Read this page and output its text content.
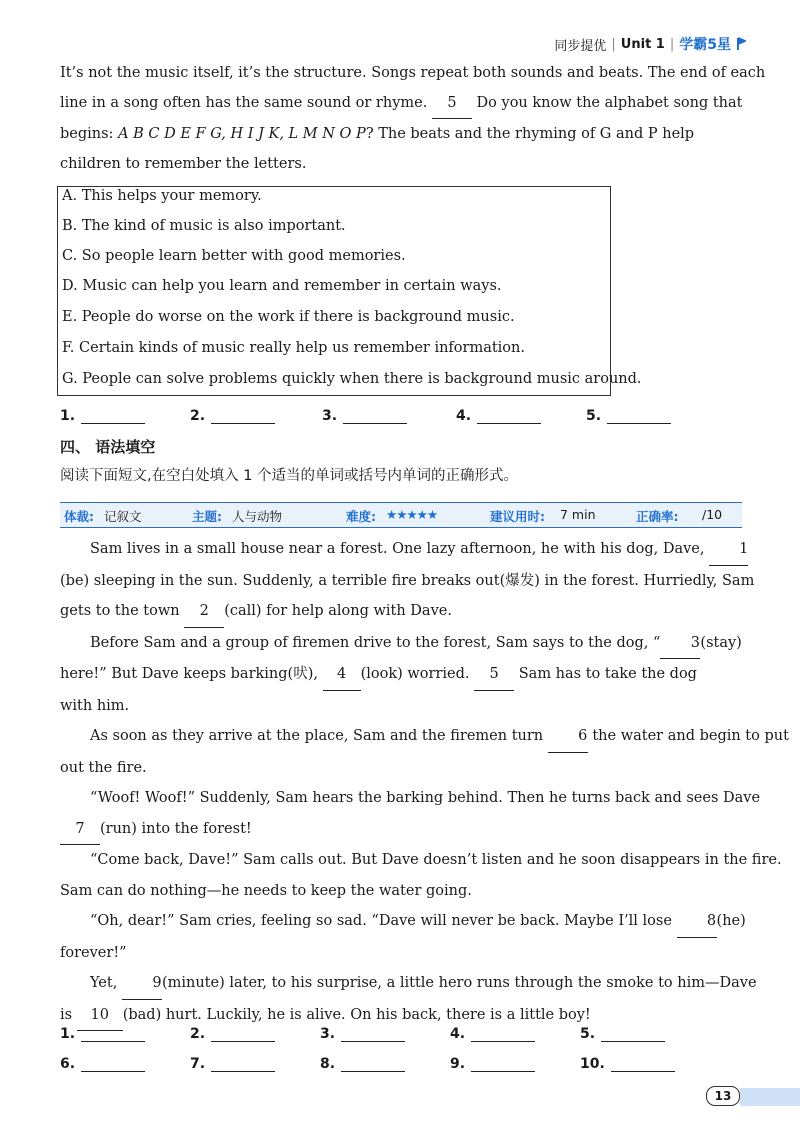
同步提优 | Unit 1 | 学霸5星
It’s not the music itself, it’s the structure. Songs repeat both sounds and beats. The end of each
line in a song often has the same sound or rhyme. 5 Do you know the alphabet song that
begins: A B C D E F G, H I J K, L M N O P? The beats and the rhyming of G and P help
children to remember the letters.
A. This helps your memory.
B. The kind of music is also important.
C. So people learn better with good memories.
D. Music can help you learn and remember in certain ways.
E. People do worse on the work if there is background music.
F. Certain kinds of music really help us remember information.
G. People can solve problems quickly when there is background music around.
1.	2.	3.	4.	5.
四、 语法填空
阅读下面短文,在空白处填入 1 个适当的单词或括号内单词的正确形式。
体裁: 记叙文	主题: 人与动物	难度: ★★★★★	建议用时: 7 min	正确率: /10
Sam lives in a small house near a forest. One lazy afternoon, he with his dog, Dave, 1
(be) sleeping in the sun. Suddenly, a terrible fire breaks out(爆发) in the forest. Hurriedly, Sam
gets to the town 2 (call) for help along with Dave.
Before Sam and a group of firemen drive to the forest, Sam says to the dog, “ 3(stay)
here!” But Dave keeps barking(吠), 4 (look) worried. 5 Sam has to take the dog
with him.
As soon as they arrive at the place, Sam and the firemen turn 6 the water and begin to put
out the fire.
“Woof! Woof!” Suddenly, Sam hears the barking behind. Then he turns back and sees Dave
7 (run) into the forest!
“Come back, Dave!” Sam calls out. But Dave doesn’t listen and he soon disappears in the fire.
Sam can do nothing—he needs to keep the water going.
“Oh, dear!” Sam cries, feeling so sad. “Dave will never be back. Maybe I’ll lose 8(he)
forever!”
Yet, 9(minute) later, to his surprise, a little hero runs through the smoke to him—Dave
is 10 (bad) hurt. Luckily, he is alive. On his back, there is a little boy!
1.	2.	3.	4.	5.
6.	7.	8.	9.	10.
13
